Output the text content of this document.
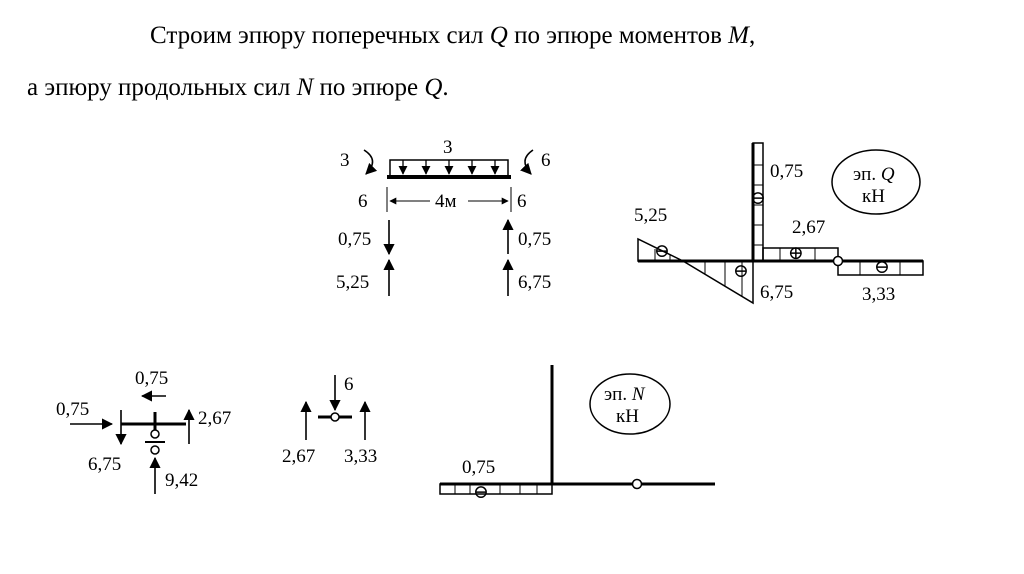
Строим эпюру поперечных сил Q по эпюре моментов M,
а эпюру продольных сил N по эпюре Q.
3
3	6
6	6
4м
0,75	0,75
5,25	6,75
эп. Q
кН
0,75
⊖
5,25
⊖
2,67
⊕
⊖
6,75
⊖
3,33
0,75
0,75	2,67
6,75
9,42
6
2,67 3,33
эп. N
кН
0,75
⊖
